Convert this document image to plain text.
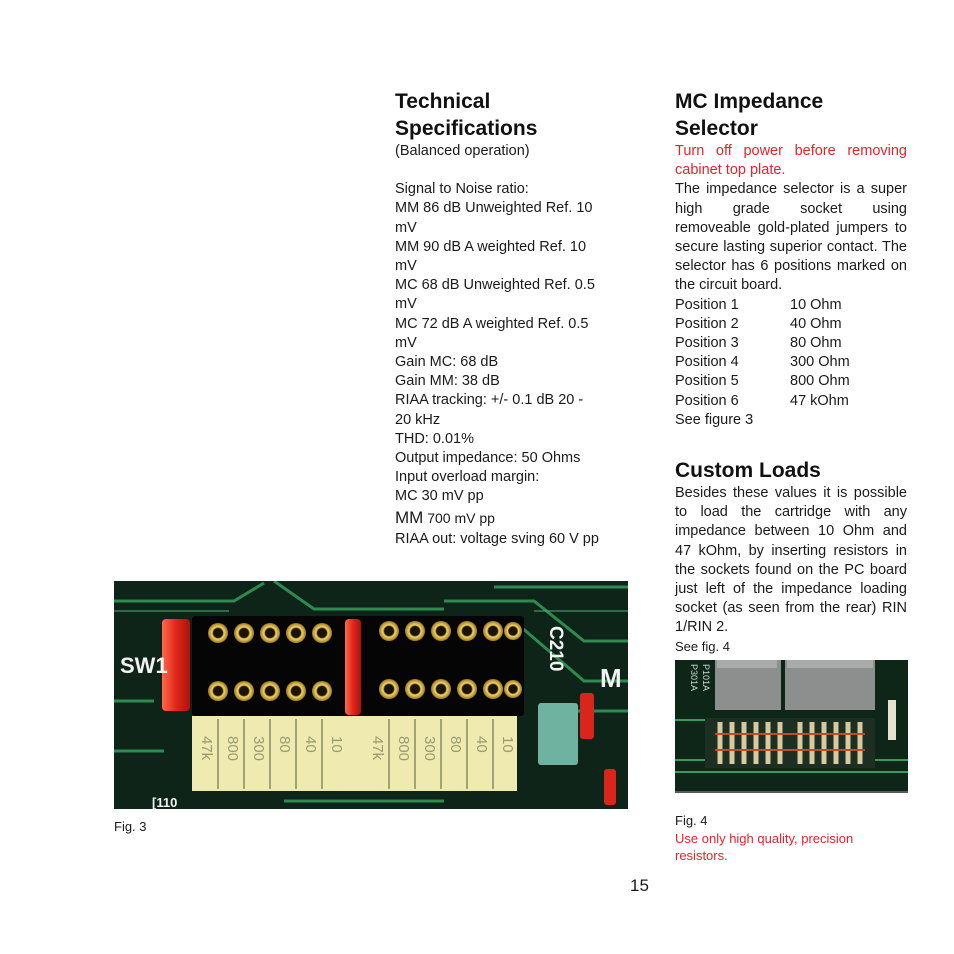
Technical
Specifications
(Balanced operation)
Signal to Noise ratio:
MM 86 dB Unweighted Ref. 10
mV
MM 90 dB A weighted Ref. 10
mV
MC 68 dB Unweighted Ref. 0.5
mV
MC 72 dB A weighted Ref. 0.5
mV
Gain MC: 68 dB
Gain MM: 38 dB
RIAA tracking: +/- 0.1 dB 20 -
20 kHz
THD: 0.01%
Output impedance: 50 Ohms
Input overload margin:
MC 30 mV pp
MM 700 mV pp
RIAA out: voltage sving 60 V pp
MC Impedance
Selector
Turn off power before removing cabinet top plate.
The impedance selector is a super high grade socket using removeable gold-plated jumpers to secure lasting superior contact. The selector has 6 positions marked on the circuit board.
Position 1	10 Ohm
Position 2	40 Ohm
Position 3	80 Ohm
Position 4	300 Ohm
Position 5	800 Ohm
Position 6	47 kOhm
See figure 3
Custom Loads
Besides these values it is possible to load the cartridge with any impedance between 10 Ohm and 47 kOhm, by inserting resistors in the sockets found on the PC board just left of the impedance loading socket (as seen from the rear) RIN 1/RIN 2.
See fig. 4
47k 800 300 80 40 10 47k 800 300 80 40 10
SW1	C210
M
[110
Fig. 3
P301A P101A
Fig. 4
Use only high quality, precision resistors.
15
